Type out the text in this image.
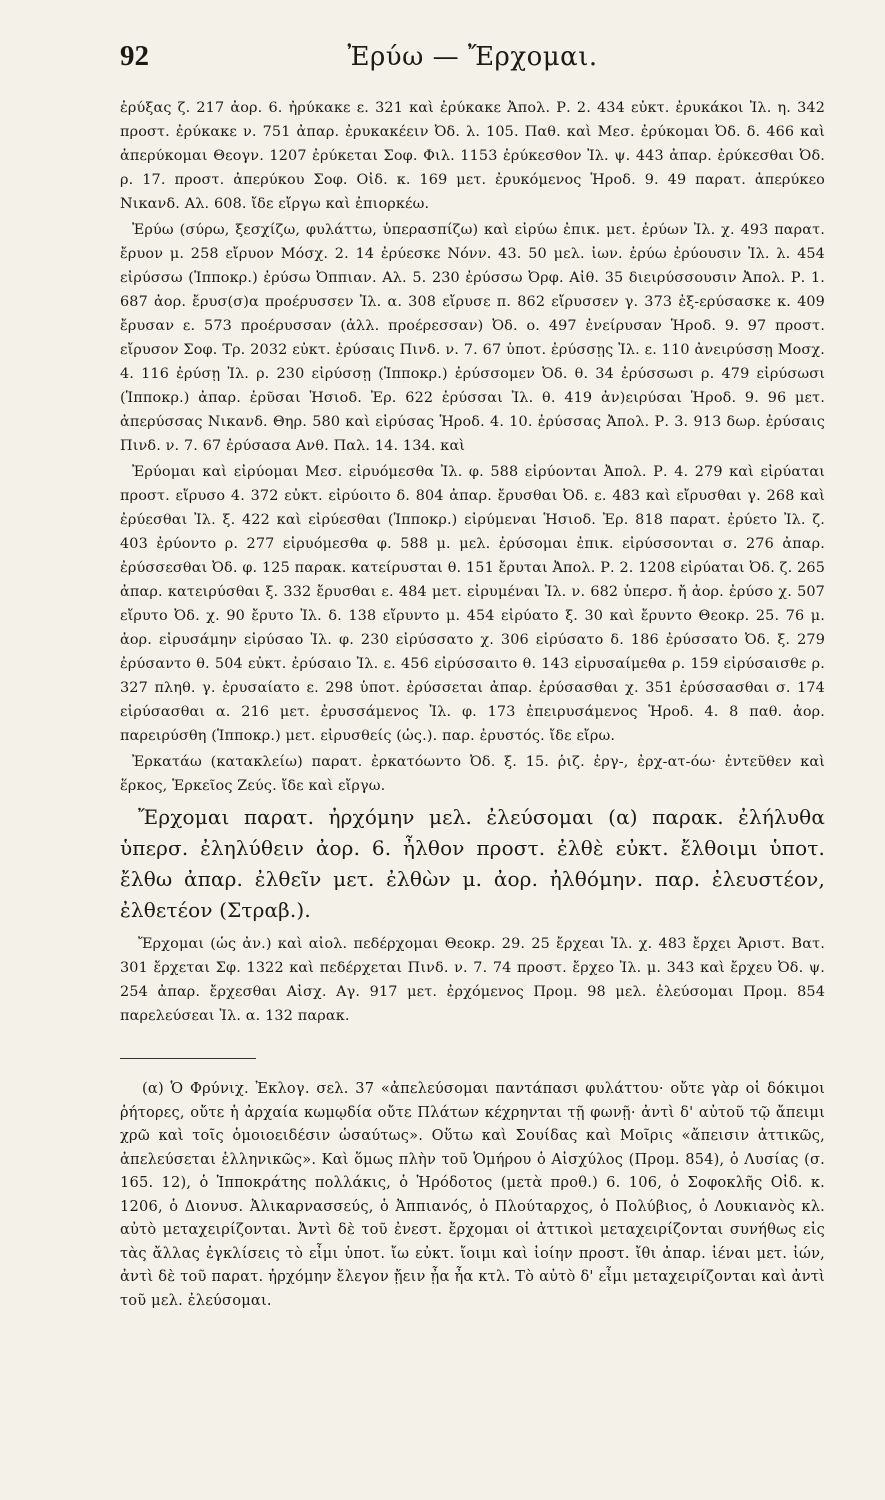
92	Ἐρύω — Ἔρχομαι.

ἐρύξας ζ. 217 ἀορ. 6. ἠρύκακε ε. 321 καὶ ἐρύκακε Ἀπολ. Ρ. 2. 434 εὐκτ. ἐρυκάκοι Ἰλ. η. 342 προστ. ἐρύκακε ν. 751 ἀπαρ. ἐρυκακέειν Ὀδ. λ. 105. Παθ. καὶ Μεσ. ἐρύκομαι Ὀδ. δ. 466 καὶ ἀπερύκομαι Θεογν. 1207 ἐρύκεται Σοφ. Φιλ. 1153 ἐρύκεσθον Ἰλ. ψ. 443 ἀπαρ. ἐρύκεσθαι Ὀδ. ρ. 17. προστ. ἀπερύκου Σοφ. Οἰδ. κ. 169 μετ. ἐρυκόμενος Ἡροδ. 9. 49 παρατ. ἀπερύκεο Νικανδ. Αλ. 608. ἴδε εἴργω καὶ ἐπιορκέω.

Ἐρύω (σύρω, ξεσχίζω, φυλάττω, ὑπερασπίζω) καὶ εἰρύω ἐπικ. μετ. ἐρύων Ἰλ. χ. 493 παρατ. ἔρυον μ. 258 εἴρυον Μόσχ. 2. 14 ἐρύεσκε Νόνν. 43. 50 μελ. ἰων. ἐρύω ἐρύουσιν Ἰλ. λ. 454 εἰρύσσω (Ἱπποκρ.) ἐρύσω Ὀππιαν. Αλ. 5. 230 ἐρύσσω Ὀρφ. Αἰθ. 35 διειρύσσουσιν Ἀπολ. Ρ. 1. 687 ἀορ. ἔρυσ(σ)α προέρυσσεν Ἰλ. α. 308 εἴρυσε π. 862 εἴρυσσεν γ. 373 ἐξ-ερύσασκε κ. 409 ἔρυσαν ε. 573 προέρυσσαν (ἀλλ. προέρεσσαν) Ὀδ. ο. 497 ἐνείρυσαν Ἡροδ. 9. 97 προστ. εἴρυσον Σοφ. Τρ. 2032 εὐκτ. ἐρύσαις Πινδ. ν. 7. 67 ὑποτ. ἐρύσσῃς Ἰλ. ε. 110 ἀνειρύσσῃ Μοσχ. 4. 116 ἐρύσῃ Ἰλ. ρ. 230 εἰρύσσῃ (Ἱπποκρ.) ἐρύσσομεν Ὀδ. θ. 34 ἐρύσσωσι ρ. 479 εἰρύσωσι (Ἱπποκρ.) ἀπαρ. ἐρῦσαι Ἡσιοδ. Ἐρ. 622 ἐρύσσαι Ἰλ. θ. 419 ἀν)ειρύσαι Ἡροδ. 9. 96 μετ. ἀπερύσσας Νικανδ. Θηρ. 580 καὶ εἰρύσας Ἡροδ. 4. 10. ἐρύσσας Ἀπολ. Ρ. 3. 913 δωρ. ἐρύσαις Πινδ. ν. 7. 67 ἐρύσασα Ανθ. Παλ. 14. 134. καὶ

Ἐρύομαι καὶ εἰρύομαι Μεσ. εἰρυόμεσθα Ἰλ. φ. 588 εἰρύονται Ἀπολ. Ρ. 4. 279 καὶ εἰρύαται προστ. εἴρυσο 4. 372 εὐκτ. εἰρύοιτο δ. 804 ἀπαρ. ἔρυσθαι Ὀδ. ε. 483 καὶ εἴρυσθαι γ. 268 καὶ ἐρύεσθαι Ἰλ. ξ. 422 καὶ εἰρύεσθαι (Ἱπποκρ.) εἰρύμεναι Ἡσιοδ. Ἐρ. 818 παρατ. ἐρύετο Ἰλ. ζ. 403 ἐρύοντο ρ. 277 εἰρυόμεσθα φ. 588 μ. μελ. ἐρύσομαι ἐπικ. εἰρύσσονται σ. 276 ἀπαρ. ἐρύσσεσθαι Ὀδ. φ. 125 παρακ. κατείρυσται θ. 151 ἔρυται Ἀπολ. Ρ. 2. 1208 εἰρύαται Ὀδ. ζ. 265 ἀπαρ. κατειρύσθαι ξ. 332 ἔρυσθαι ε. 484 μετ. εἰρυμέναι Ἰλ. ν. 682 ὑπερσ. ἤ ἀορ. ἐρύσο χ. 507 εἴρυτο Ὀδ. χ. 90 ἔρυτο Ἰλ. δ. 138 εἴρυντο μ. 454 εἰρύατο ξ. 30 καὶ ἔρυντο Θεοκρ. 25. 76 μ. ἀορ. εἰρυσάμην εἰρύσαο Ἰλ. φ. 230 εἰρύσσατο χ. 306 εἰρύσατο δ. 186 ἐρύσσατο Ὀδ. ξ. 279 ἐρύσαντο θ. 504 εὐκτ. ἐρύσαιο Ἰλ. ε. 456 εἰρύσσαιτο θ. 143 εἰρυσαίμεθα ρ. 159 εἰρύσαισθε ρ. 327 πληθ. γ. ἐρυσαίατο ε. 298 ὑποτ. ἐρύσσεται ἀπαρ. ἐρύσασθαι χ. 351 ἐρύσσασθαι σ. 174 εἰρύσασθαι α. 216 μετ. ἐρυσσάμενος Ἰλ. φ. 173 ἐπειρυσάμενος Ἡροδ. 4. 8 παθ. ἀορ. παρειρύσθη (Ἱπποκρ.) μετ. εἰρυσθείς (ὡς.). παρ. ἐρυστός. ἴδε εἴρω.

Ἐρκατάω (κατακλείω) παρατ. ἐρκατόωντο Ὀδ. ξ. 15. ῥιζ. ἐργ-, ἐρχ-ατ-όω· ἐντεῦθεν καὶ ἕρκος, Ἑρκεῖος Ζεύς. ἴδε καὶ εἴργω.

Ἔρχομαι παρατ. ἠρχόμην μελ. ἐλεύσομαι (α) παρακ. ἐλήλυθα ὑπερσ. ἐληλύθειν ἀορ. 6. ἦλθον προστ. ἐλθὲ εὐκτ. ἔλθοιμι ὑποτ. ἔλθω ἀπαρ. ἐλθεῖν μετ. ἐλθὼν μ. ἀορ. ἠλθόμην. παρ. ἐλευστέον, ἐλθετέον (Στραβ.).

Ἔρχομαι (ὡς ἀν.) καὶ αἰολ. πεδέρχομαι Θεοκρ. 29. 25 ἔρχεαι Ἰλ. χ. 483 ἔρχει Ἀριστ. Βατ. 301 ἔρχεται Σφ. 1322 καὶ πεδέρχεται Πινδ. ν. 7. 74 προστ. ἔρχεο Ἰλ. μ. 343 καὶ ἔρχευ Ὀδ. ψ. 254 ἀπαρ. ἔρχεσθαι Αἰσχ. Αγ. 917 μετ. ἐρχόμενος Προμ. 98 μελ. ἐλεύσομαι Προμ. 854 παρελεύσεαι Ἰλ. α. 132 παρακ.

(α) Ὁ Φρύνιχ. Ἐκλογ. σελ. 37 «ἀπελεύσομαι παντάπασι φυλάττου· οὔτε γὰρ οἱ δόκιμοι ῥήτορες, οὔτε ἡ ἀρχαία κωμῳδία οὔτε Πλάτων κέχρηνται τῇ φωνῇ· ἀντὶ δ' αὐτοῦ τῷ ἄπειμι χρῶ καὶ τοῖς ὁμοιοειδέσιν ὡσαύτως». Οὕτω καὶ Σουίδας καὶ Μοῖρις «ἄπεισιν ἀττικῶς, ἀπελεύσεται ἑλληνικῶς». Καὶ ὅμως πλὴν τοῦ Ὁμήρου ὁ Αἰσχύλος (Προμ. 854), ὁ Λυσίας (σ. 165. 12), ὁ Ἱπποκράτης πολλάκις, ὁ Ἡρόδοτος (μετὰ προθ.) 6. 106, ὁ Σοφοκλῆς Οἰδ. κ. 1206, ὁ Διονυσ. Ἀλικαρνασσεύς, ὁ Ἀππιανός, ὁ Πλούταρχος, ὁ Πολύβιος, ὁ Λουκιανὸς κλ. αὐτὸ μεταχειρίζονται. Ἀντὶ δὲ τοῦ ἐνεστ. ἔρχομαι οἱ ἀττικοὶ μεταχειρίζονται συνήθως εἰς τὰς ἄλλας ἐγκλίσεις τὸ εἶμι ὑποτ. ἴω εὐκτ. ἴοιμι καὶ ἰοίην προστ. ἴθι ἀπαρ. ἰέναι μετ. ἰών, ἀντὶ δὲ τοῦ παρατ. ἠρχόμην ἔλεγον ᾔειν ᾖα ἦα κτλ. Τὸ αὐτὸ δ' εἶμι μεταχειρίζονται καὶ ἀντὶ τοῦ μελ. ἐλεύσομαι.
